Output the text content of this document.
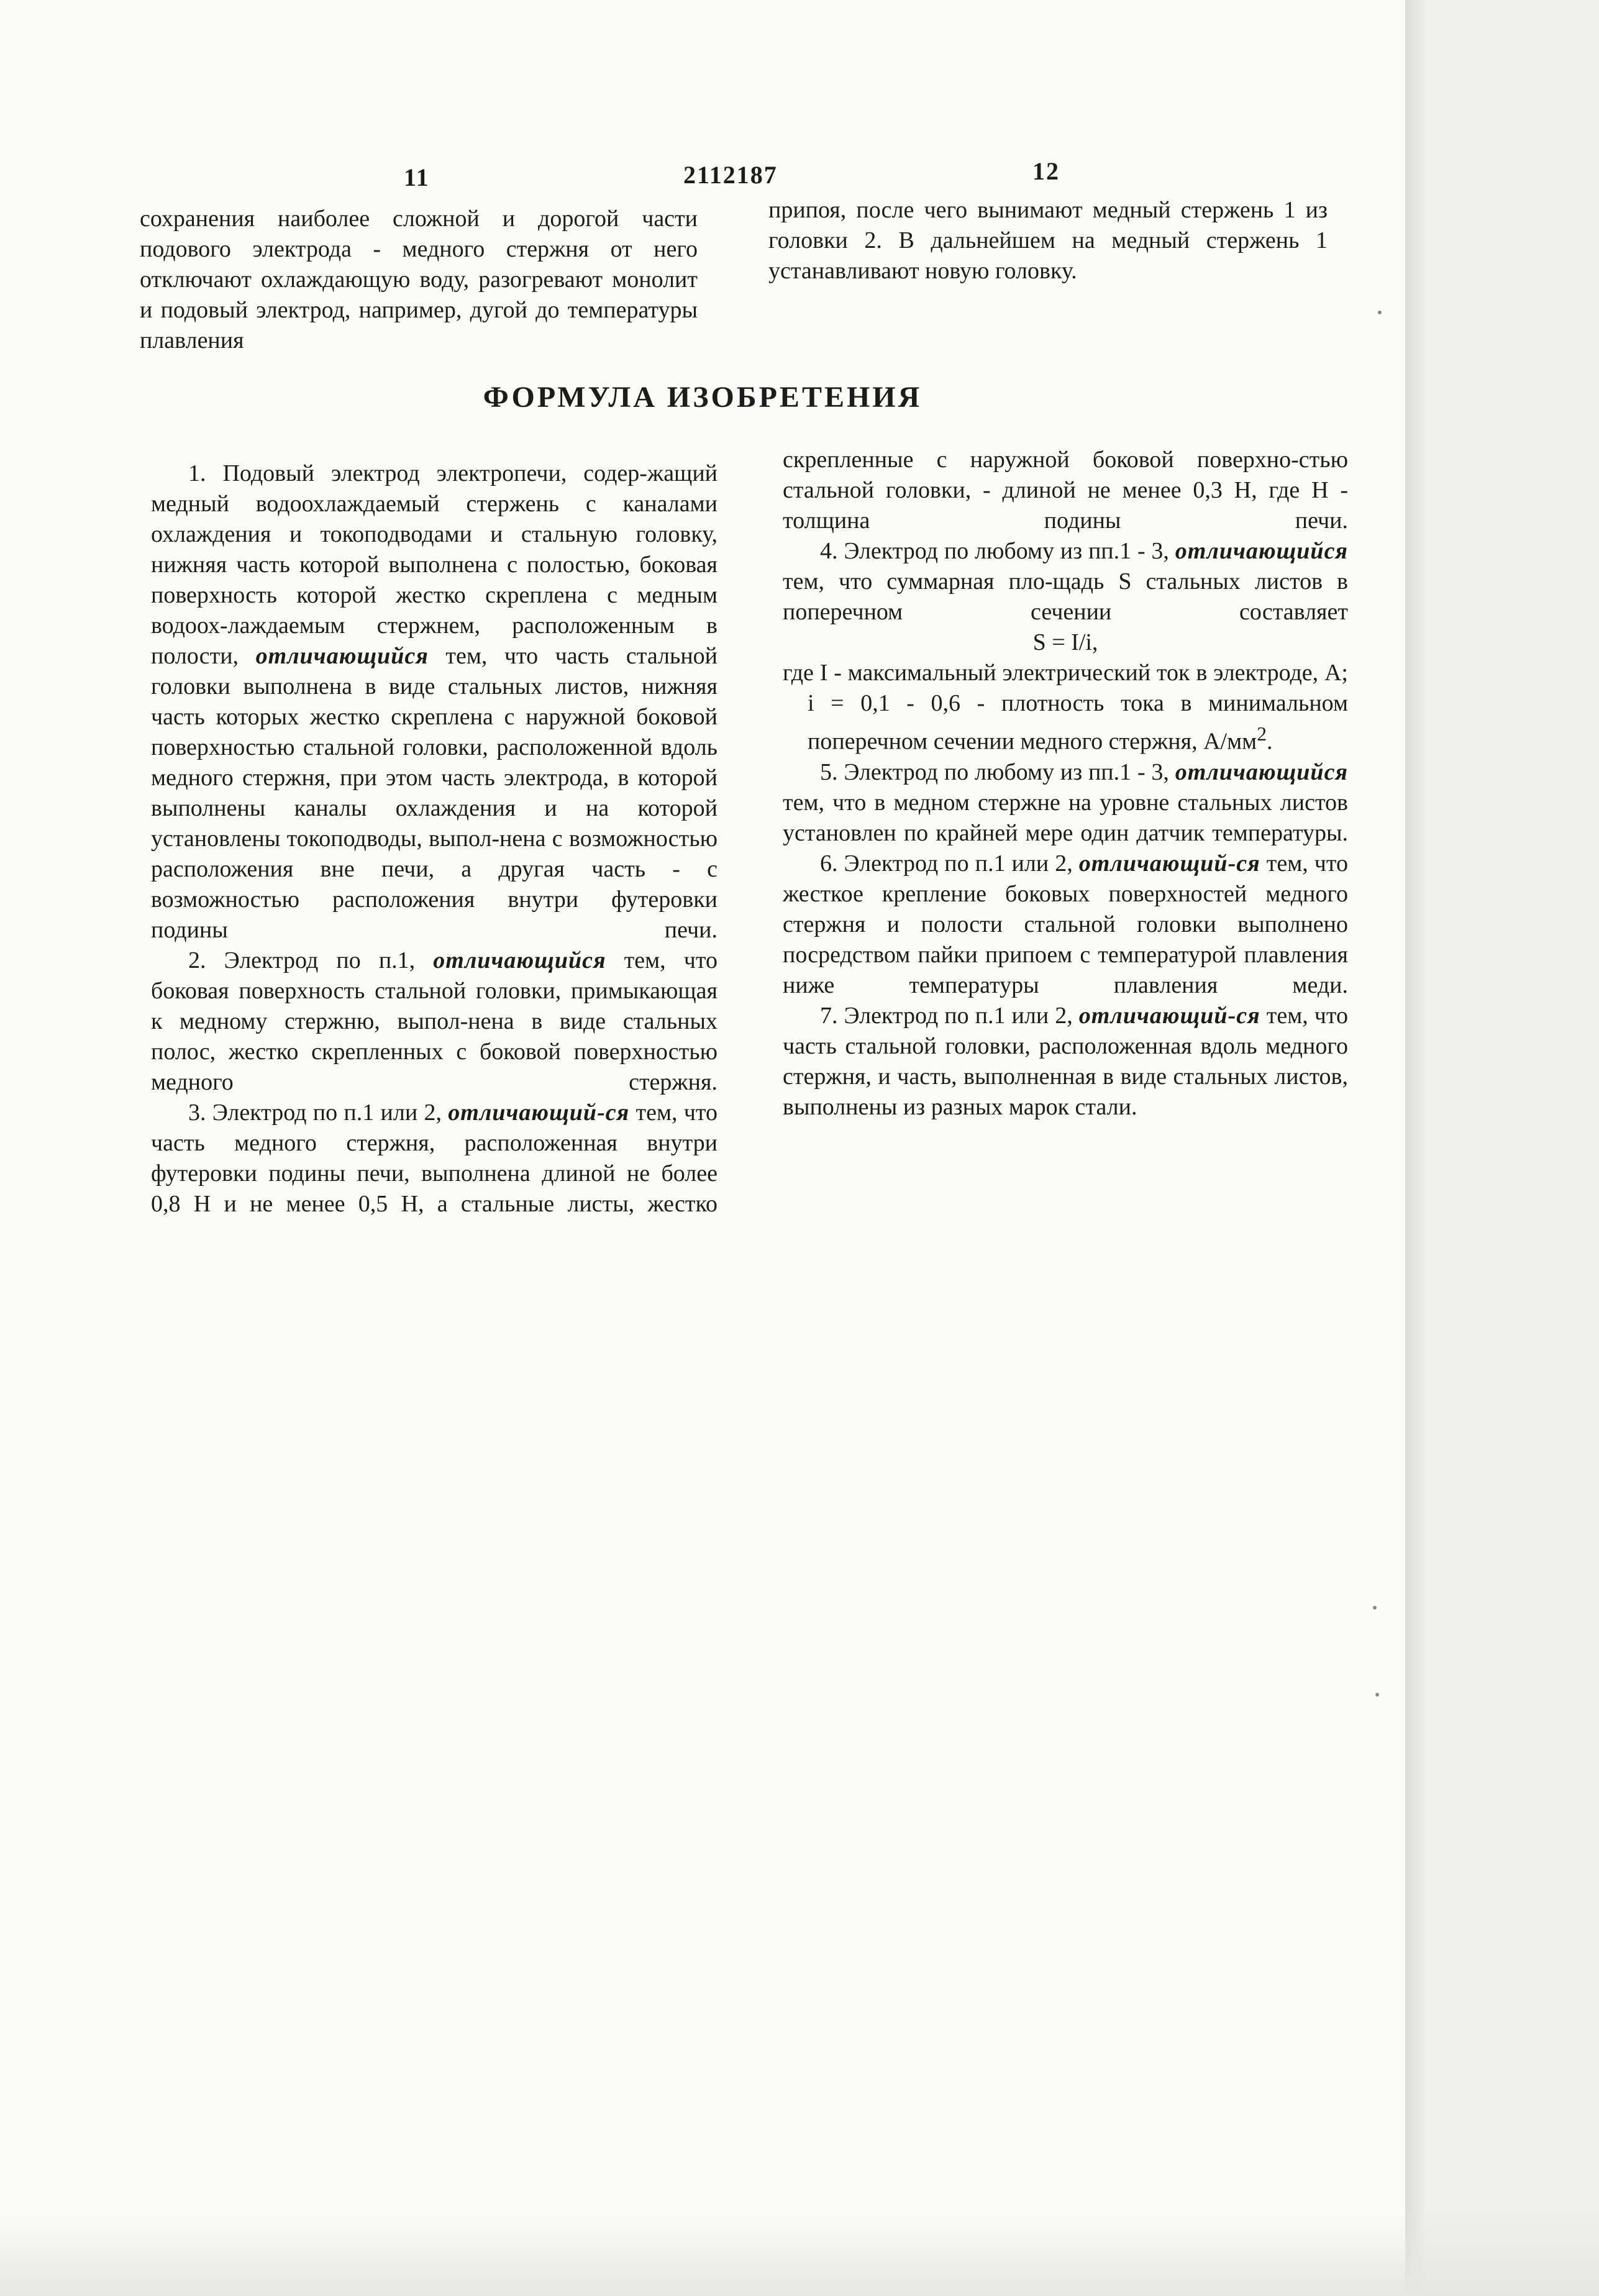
11	2112187	12

сохранения наиболее сложной и дорогой части подового электрода - медного стержня от него отключают охлаждающую воду, разогревают монолит и подовый электрод, например, дугой до температуры плавления

припоя, после чего вынимают медный стержень 1 из головки 2. В дальнейшем на медный стержень 1 устанавливают новую головку.

ФОРМУЛА ИЗОБРЕТЕНИЯ

1. Подовый электрод электропечи, содер-жащий медный водоохлаждаемый стержень с каналами охлаждения и токоподводами и стальную головку, нижняя часть которой выполнена с полостью, боковая поверхность которой жестко скреплена с медным водоох-лаждаемым стержнем, расположенным в полости, отличающийся тем, что часть стальной головки выполнена в виде стальных листов, нижняя часть которых жестко скреплена с наружной боковой поверхностью стальной головки, расположенной вдоль медного стержня, при этом часть электрода, в которой выполнены каналы охлаждения и на которой установлены токоподводы, выпол-нена с возможностью расположения вне печи, а другая часть - с возможностью расположения внутри футеровки подины печи.

2. Электрод по п.1, отличающийся тем, что боковая поверхность стальной головки, примыкающая к медному стержню, выпол-нена в виде стальных полос, жестко скрепленных с боковой поверхностью медного стержня.

3. Электрод по п.1 или 2, отличающий-ся тем, что часть медного стержня, расположенная внутри футеровки подины печи, выполнена длиной не более 0,8 Н и не менее 0,5 Н, а стальные листы, жестко

скрепленные с наружной боковой поверхно-стью стальной головки, - длиной не менее 0,3 Н, где Н - толщина подины печи.

4. Электрод по любому из пп.1 - 3, отличающийся тем, что суммарная пло-щадь S стальных листов в поперечном сечении составляет

S = I/i,

где I - максимальный электрический ток в электроде, А;

i = 0,1 - 0,6 - плотность тока в минимальном поперечном сечении медного стержня, $А/мм^2$.

5. Электрод по любому из пп.1 - 3, отличающийся тем, что в медном стержне на уровне стальных листов установлен по крайней мере один датчик температуры.

6. Электрод по п.1 или 2, отличающий-ся тем, что жесткое крепление боковых поверхностей медного стержня и полости стальной головки выполнено посредством пайки припоем с температурой плавления ниже температуры плавления меди.

7. Электрод по п.1 или 2, отличающий-ся тем, что часть стальной головки, расположенная вдоль медного стержня, и часть, выполненная в виде стальных листов, выполнены из разных марок стали.
